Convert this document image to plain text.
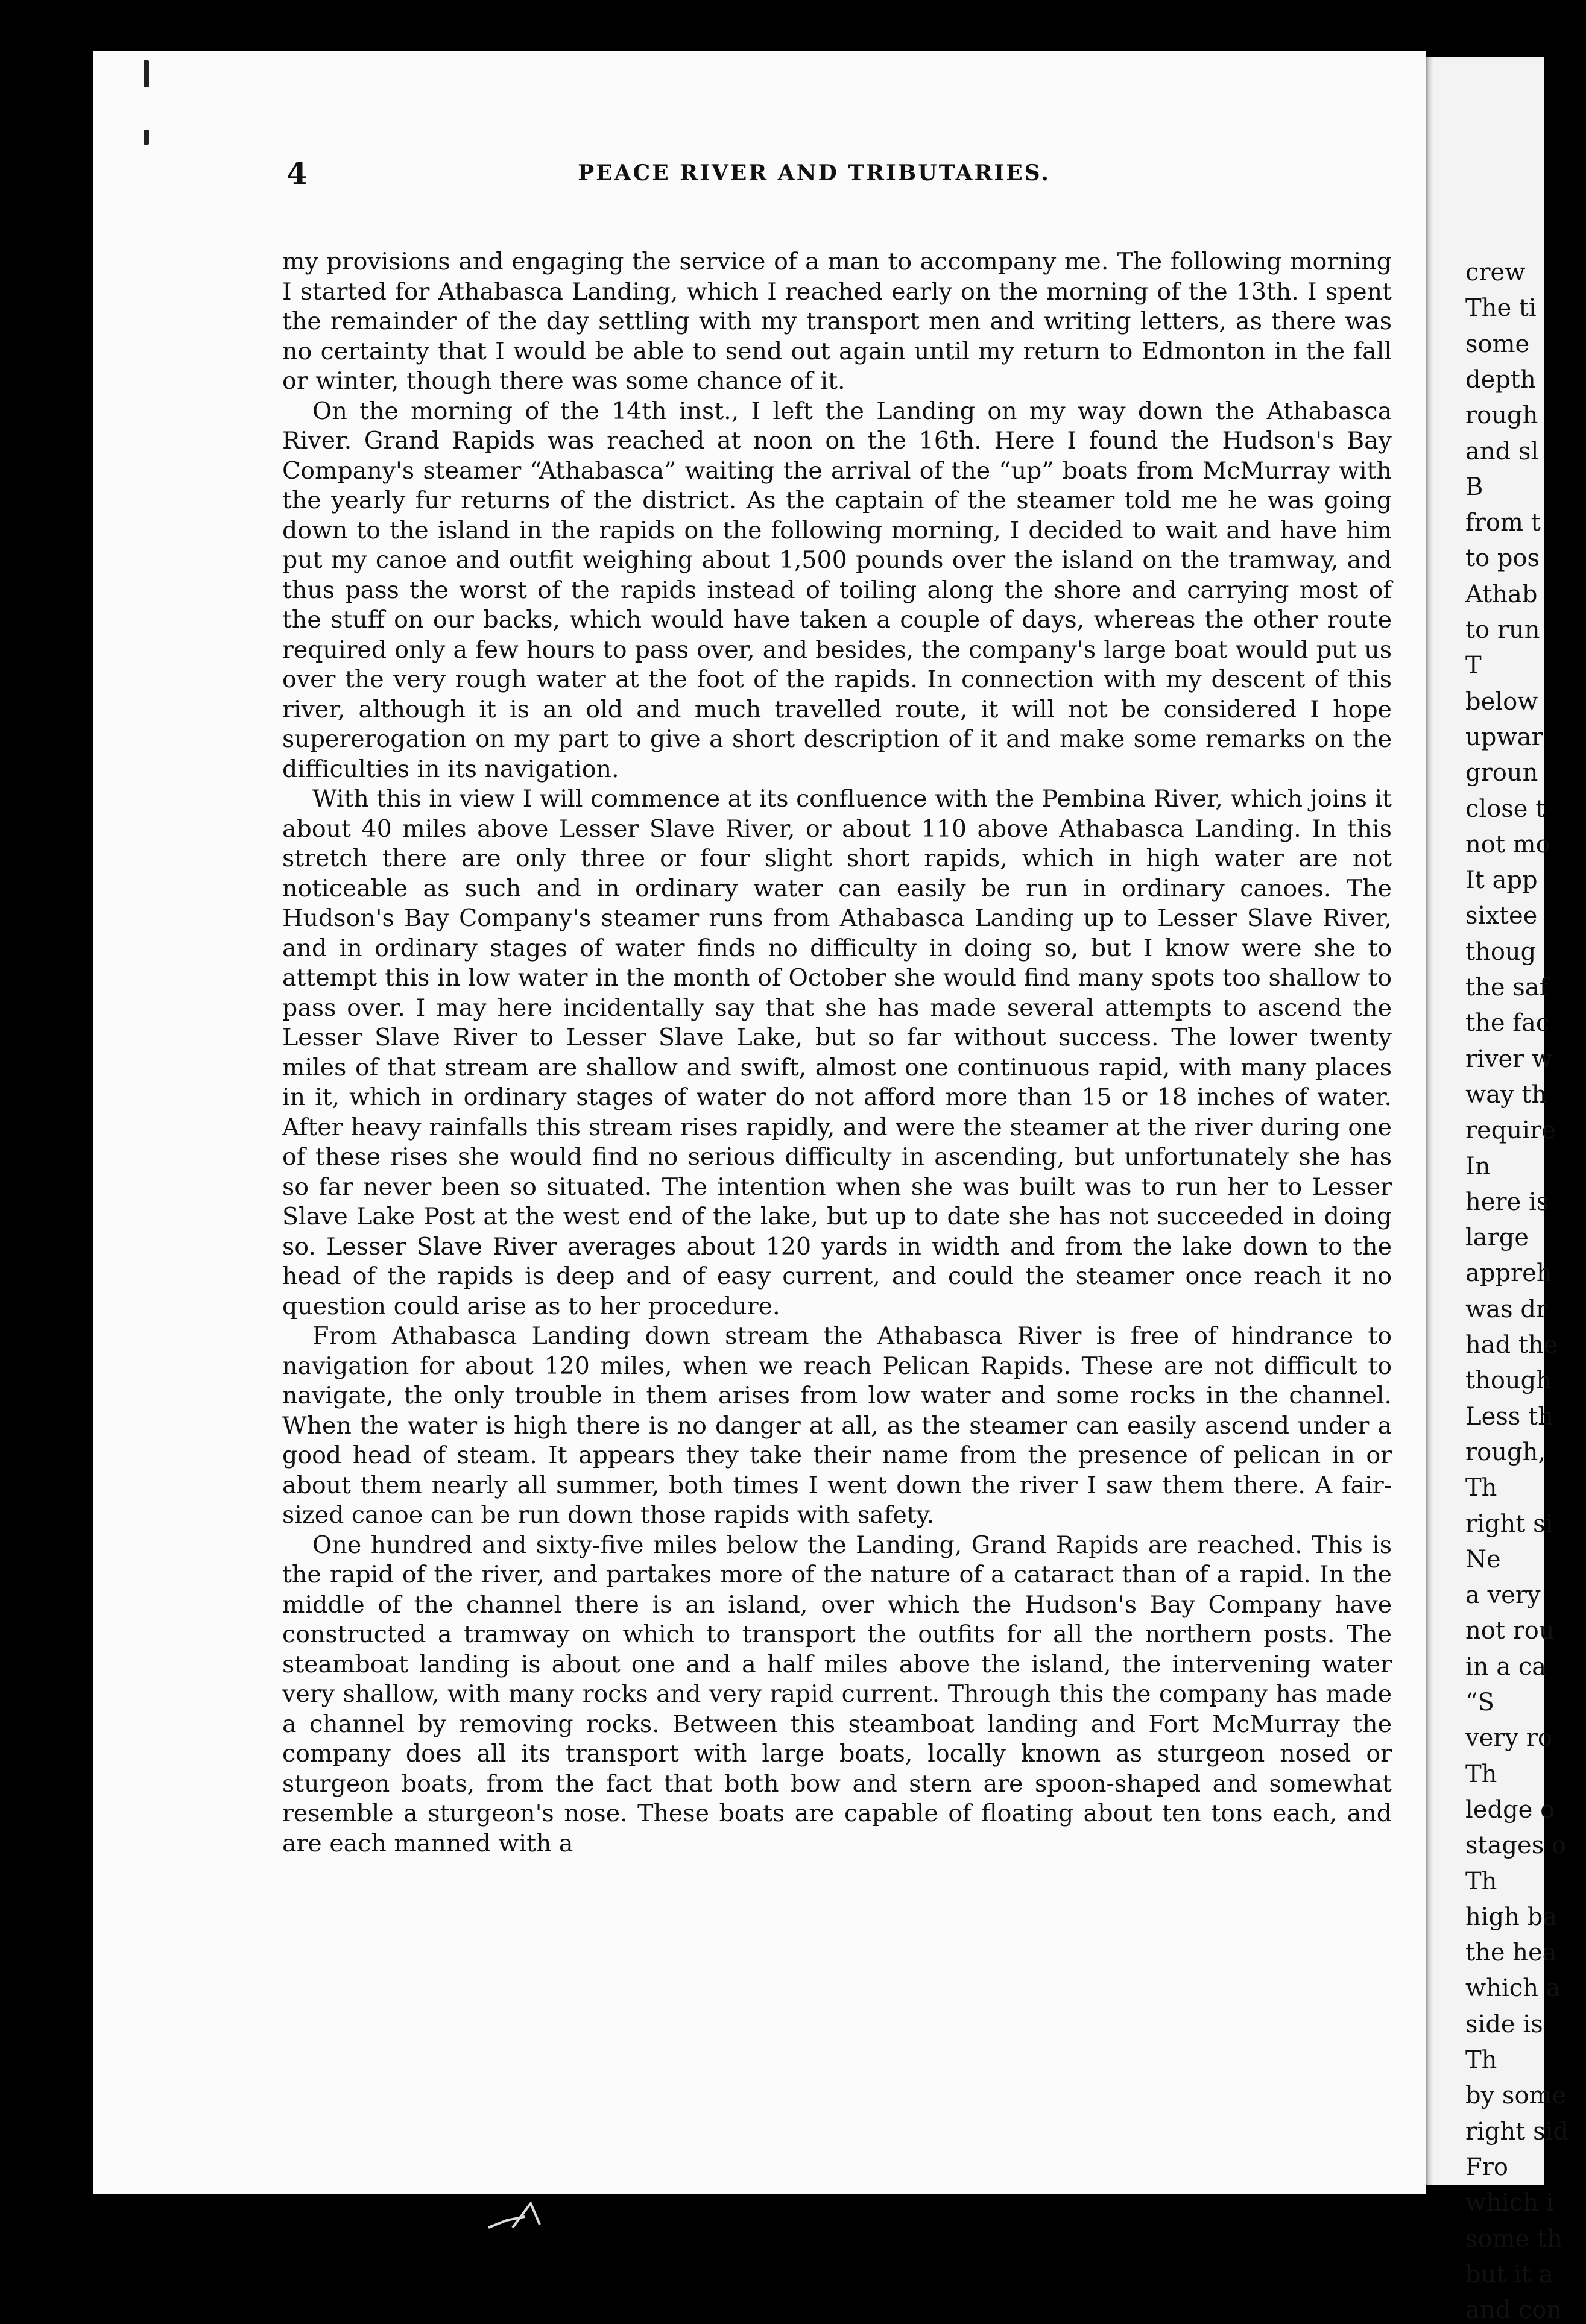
crew
The ti
some
depth
rough
and sl
B
from t
to pos
Athab
to run
T
below
upwar
groun
close t
not mo
It app
sixtee
thoug
the saf
the fac
river w
way th
require
In
here is
large
appreh
was dr
had the
though
Less th
rough,
Th
right si
Ne
a very
not rou
in a ca
“S
very ro
Th
ledge o
stages o
Th
high ba
the hea
which a
side is
Th
by some
right sid
Fro
which i
some th
but it a
and con
4	PEACE RIVER AND TRIBUTARIES.

my provisions and engaging the service of a man to accompany me. The following morning I started for Athabasca Landing, which I reached early on the morning of the 13th. I spent the remainder of the day settling with my transport men and writing letters, as there was no certainty that I would be able to send out again until my return to Edmonton in the fall or winter, though there was some chance of it.

On the morning of the 14th inst., I left the Landing on my way down the Athabasca River. Grand Rapids was reached at noon on the 16th. Here I found the Hudson's Bay Company's steamer “Athabasca” waiting the arrival of the “up” boats from McMurray with the yearly fur returns of the district. As the captain of the steamer told me he was going down to the island in the rapids on the following morning, I decided to wait and have him put my canoe and outfit weighing about 1,500 pounds over the island on the tramway, and thus pass the worst of the rapids instead of toiling along the shore and carrying most of the stuff on our backs, which would have taken a couple of days, whereas the other route required only a few hours to pass over, and besides, the company's large boat would put us over the very rough water at the foot of the rapids. In connection with my descent of this river, although it is an old and much travelled route, it will not be considered I hope supererogation on my part to give a short description of it and make some remarks on the difficulties in its navigation.

With this in view I will commence at its confluence with the Pembina River, which joins it about 40 miles above Lesser Slave River, or about 110 above Athabasca Landing. In this stretch there are only three or four slight short rapids, which in high water are not noticeable as such and in ordinary water can easily be run in ordinary canoes. The Hudson's Bay Company's steamer runs from Athabasca Landing up to Lesser Slave River, and in ordinary stages of water finds no difficulty in doing so, but I know were she to attempt this in low water in the month of October she would find many spots too shallow to pass over. I may here incidentally say that she has made several attempts to ascend the Lesser Slave River to Lesser Slave Lake, but so far without success. The lower twenty miles of that stream are shallow and swift, almost one continuous rapid, with many places in it, which in ordinary stages of water do not afford more than 15 or 18 inches of water. After heavy rainfalls this stream rises rapidly, and were the steamer at the river during one of these rises she would find no serious difficulty in ascending, but unfortunately she has so far never been so situated. The intention when she was built was to run her to Lesser Slave Lake Post at the west end of the lake, but up to date she has not succeeded in doing so. Lesser Slave River averages about 120 yards in width and from the lake down to the head of the rapids is deep and of easy current, and could the steamer once reach it no question could arise as to her procedure.

From Athabasca Landing down stream the Athabasca River is free of hindrance to navigation for about 120 miles, when we reach Pelican Rapids. These are not difficult to navigate, the only trouble in them arises from low water and some rocks in the channel. When the water is high there is no danger at all, as the steamer can easily ascend under a good head of steam. It appears they take their name from the presence of pelican in or about them nearly all summer, both times I went down the river I saw them there. A fair-sized canoe can be run down those rapids with safety.

One hundred and sixty-five miles below the Landing, Grand Rapids are reached. This is the rapid of the river, and partakes more of the nature of a cataract than of a rapid. In the middle of the channel there is an island, over which the Hudson's Bay Company have constructed a tramway on which to transport the outfits for all the northern posts. The steamboat landing is about one and a half miles above the island, the intervening water very shallow, with many rocks and very rapid current. Through this the company has made a channel by removing rocks. Between this steamboat landing and Fort McMurray the company does all its transport with large boats, locally known as sturgeon nosed or sturgeon boats, from the fact that both bow and stern are spoon-shaped and somewhat resemble a sturgeon's nose. These boats are capable of floating about ten tons each, and are each manned with a
